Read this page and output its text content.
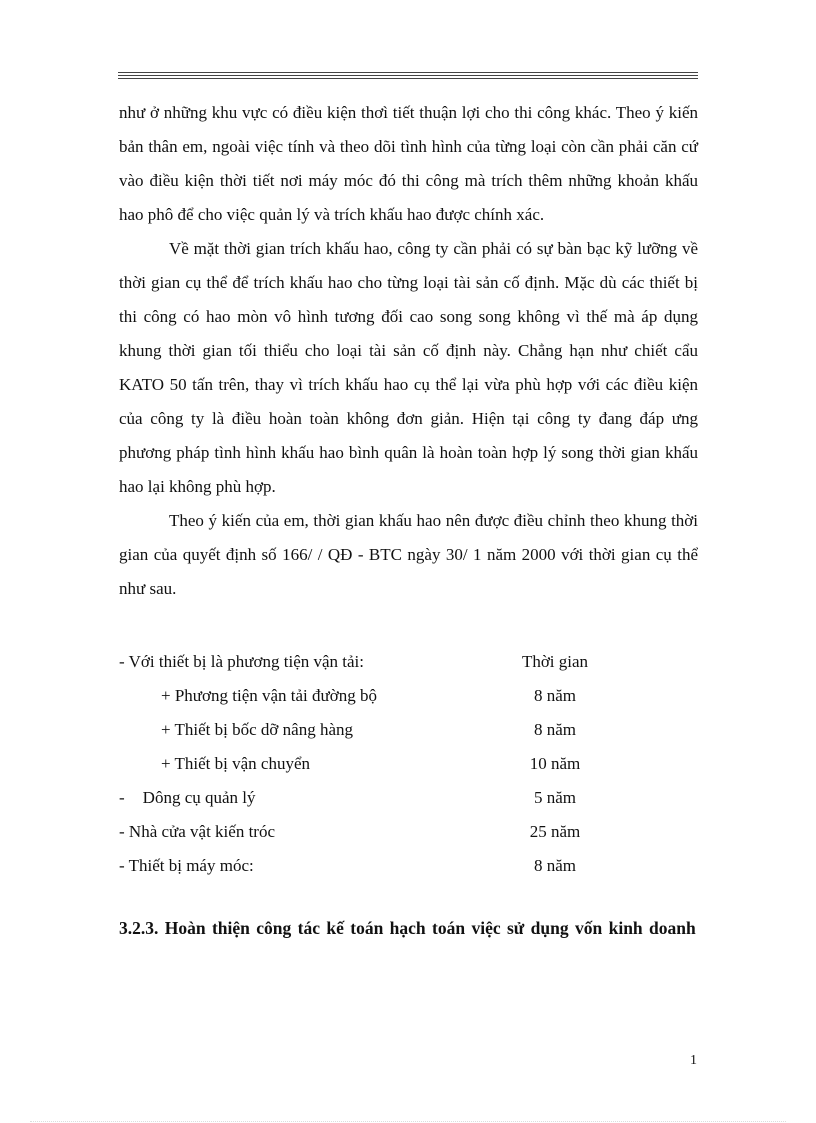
như ở những khu vực có điều kiện thơì tiết thuận lợi cho thi công khác. Theo ý kiến bản thân em, ngoài việc tính và theo dõi tình hình của từng loại còn cần phải căn cứ vào điều kiện thời tiết nơi máy móc đó thi công mà trích thêm những khoản khấu hao phô để cho việc quản lý và trích khấu hao được chính xác.

Về mặt thời gian trích khấu hao, công ty cần phải có sự bàn bạc kỹ lưỡng về thời gian cụ thể để trích khấu hao cho từng loại tài sản cố định. Mặc dù các thiết bị thi công có hao mòn vô hình tương đối cao song song không vì thế mà áp dụng khung thời gian tối thiểu cho loại tài sản cố định này. Chẳng hạn như chiết cẩu KATO 50 tấn trên, thay vì trích khấu hao cụ thể lại vừa phù hợp với các điều kiện của công ty là điều hoàn toàn không đơn giản. Hiện tại công ty đang đáp ưng phương pháp tình hình khấu hao bình quân là hoàn toàn hợp lý song thời gian khấu hao lại không phù hợp.

Theo ý kiến của em, thời gian khấu hao nên được điều chỉnh theo khung thời gian của quyết định số 166/ / QĐ - BTC ngày 30/ 1 năm 2000 với thời gian cụ thể như sau.

- Với thiết bị là phương tiện vận tải:	Thời gian
+ Phương tiện vận tải đường bộ	8 năm
+ Thiết bị bốc dỡ nâng hàng	8 năm
+ Thiết bị vận chuyển	10 năm
- Dông cụ quản lý	5 năm
- Nhà cửa vật kiến tróc	25 năm
- Thiết bị máy móc:	8 năm

3.2.3. Hoàn thiện công tác kế toán hạch toán việc sử dụng vốn kinh doanh

1
